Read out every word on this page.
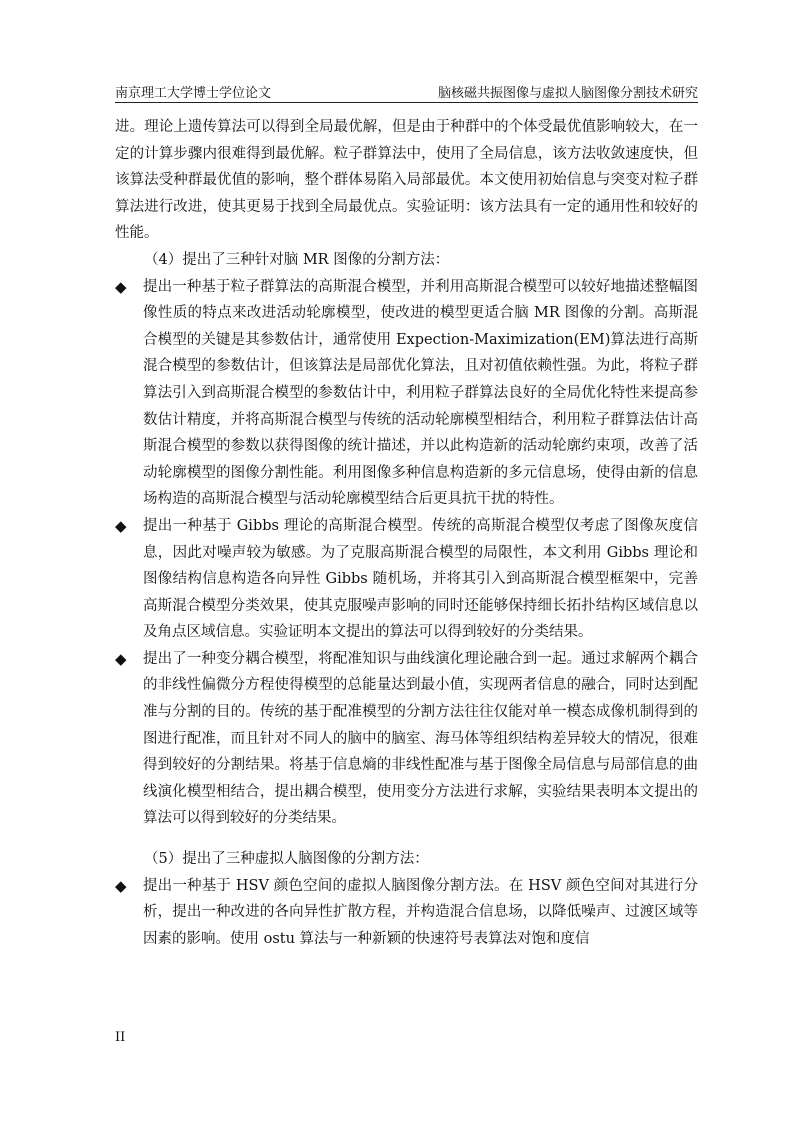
南京理工大学博士学位论文	脑核磁共振图像与虚拟人脑图像分割技术研究

进。理论上遗传算法可以得到全局最优解，但是由于种群中的个体受最优值影响较大，在一定的计算步骤内很难得到最优解。粒子群算法中，使用了全局信息，该方法收敛速度快，但该算法受种群最优值的影响，整个群体易陷入局部最优。本文使用初始信息与突变对粒子群算法进行改进，使其更易于找到全局最优点。实验证明：该方法具有一定的通用性和较好的性能。

（4）提出了三种针对脑 MR 图像的分割方法：

◆ 提出一种基于粒子群算法的高斯混合模型，并利用高斯混合模型可以较好地描述整幅图像性质的特点来改进活动轮廓模型，使改进的模型更适合脑 MR 图像的分割。高斯混合模型的关键是其参数估计，通常使用 Expection-Maximization(EM)算法进行高斯混合模型的参数估计，但该算法是局部优化算法，且对初值依赖性强。为此，将粒子群算法引入到高斯混合模型的参数估计中，利用粒子群算法良好的全局优化特性来提高参数估计精度，并将高斯混合模型与传统的活动轮廓模型相结合，利用粒子群算法估计高斯混合模型的参数以获得图像的统计描述，并以此构造新的活动轮廓约束项，改善了活动轮廓模型的图像分割性能。利用图像多种信息构造新的多元信息场，使得由新的信息场构造的高斯混合模型与活动轮廓模型结合后更具抗干扰的特性。
◆ 提出一种基于 Gibbs 理论的高斯混合模型。传统的高斯混合模型仅考虑了图像灰度信息，因此对噪声较为敏感。为了克服高斯混合模型的局限性，本文利用 Gibbs 理论和图像结构信息构造各向异性 Gibbs 随机场，并将其引入到高斯混合模型框架中，完善高斯混合模型分类效果，使其克服噪声影响的同时还能够保持细长拓扑结构区域信息以及角点区域信息。实验证明本文提出的算法可以得到较好的分类结果。
◆ 提出了一种变分耦合模型，将配准知识与曲线演化理论融合到一起。通过求解两个耦合的非线性偏微分方程使得模型的总能量达到最小值，实现两者信息的融合，同时达到配准与分割的目的。传统的基于配准模型的分割方法往往仅能对单一模态成像机制得到的图进行配准，而且针对不同人的脑中的脑室、海马体等组织结构差异较大的情况，很难得到较好的分割结果。将基于信息熵的非线性配准与基于图像全局信息与局部信息的曲线演化模型相结合，提出耦合模型，使用变分方法进行求解，实验结果表明本文提出的算法可以得到较好的分类结果。

（5）提出了三种虚拟人脑图像的分割方法：

◆ 提出一种基于 HSV 颜色空间的虚拟人脑图像分割方法。在 HSV 颜色空间对其进行分析，提出一种改进的各向异性扩散方程，并构造混合信息场，以降低噪声、过渡区域等因素的影响。使用 ostu 算法与一种新颖的快速符号表算法对饱和度信
II
